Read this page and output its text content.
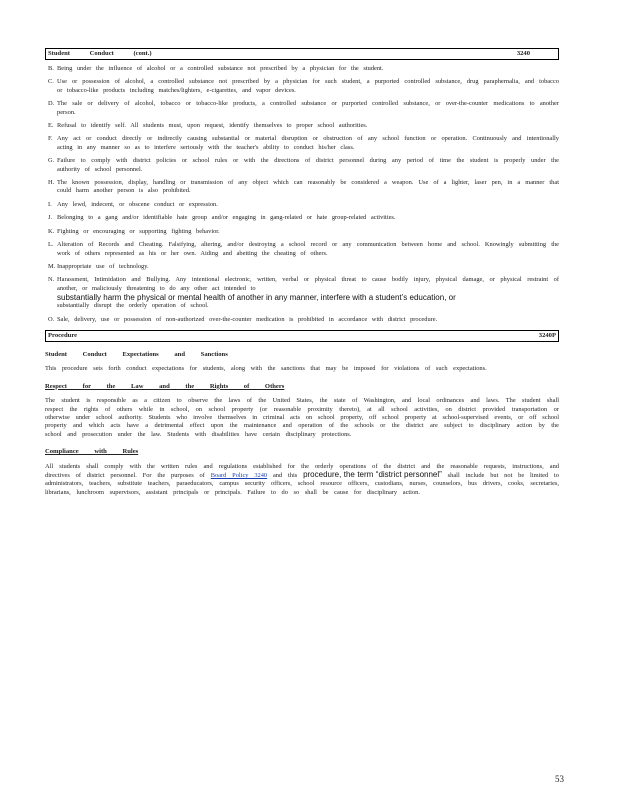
Student Conduct (cont.)	3240
B. Being under the influence of alcohol or a controlled substance not prescribed by a physician for the student.
C. Use or possession of alcohol, a controlled substance not prescribed by a physician for such student, a purported controlled substance, drug paraphernalia, and tobacco or tobacco-like products including matches/lighters, e-cigarettes, and vapor devices.
D. The sale or delivery of alcohol, tobacco or tobacco-like products, a controlled substance or purported controlled substance, or over-the-counter medications to another person.
E. Refusal to identify self. All students must, upon request, identify themselves to proper school authorities.
F. Any act or conduct directly or indirectly causing substantial or material disruption or obstruction of any school function or operation. Continuously and intentionally acting in any manner so as to interfere seriously with the teacher's ability to conduct his/her class.
G. Failure to comply with district policies or school rules or with the directions of district personnel during any period of time the student is properly under the authority of school personnel.
H. The known possession, display, handling or transmission of any object which can reasonably be considered a weapon. Use of a lighter, laser pen, in a manner that could harm another person is also prohibited.
I. Any lewd, indecent, or obscene conduct or expression.
J. Belonging to a gang and/or identifiable hate group and/or engaging in gang-related or hate group-related activities.
K. Fighting or encouraging or supporting fighting behavior.
L. Alteration of Records and Cheating. Falsifying, altering, and/or destroying a school record or any communication between home and school. Knowingly submitting the work of others represented as his or her own. Aiding and abetting the cheating of others.
M. Inappropriate use of technology.
N. Harassment, Intimidation and Bullying. Any intentional electronic, written, verbal or physical threat to cause bodily injury, physical damage, or physical restraint of another, or maliciously threatening to do any other act intended to
substantially harm the physical or mental health of another in any manner, interfere with a student’s education, or
substantially disrupt the orderly operation of school.
O. Sale, delivery, use or possession of non-authorized over-the-counter medication is prohibited in accordance with district procedure.
Procedure	3240P
Student Conduct Expectations and Sanctions
This procedure sets forth conduct expectations for students, along with the sanctions that may be imposed for violations of such expectations.
Respect for the Law and the Rights of Others
The student is responsible as a citizen to observe the laws of the United States, the state of Washington, and local ordinances and laws. The student shall respect the rights of others while in school, on school property (or reasonable proximity thereto), at all school activities, on district provided transportation or otherwise under school authority. Students who involve themselves in criminal acts on school property, off school property at school-supervised events, or off school property and which acts have a detrimental effect upon the maintenance and operation of the schools or the district are subject to disciplinary action by the school and prosecution under the law. Students with disabilities have certain disciplinary protections.
Compliance with Rules
All students shall comply with the written rules and regulations established for the orderly operations of the district and the reasonable requests, instructions, and directives of district personnel. For the purposes of Board Policy 3240 and this procedure, the term “district personnel” shall include but not be limited to administrators, teachers, substitute teachers, paraeducators, campus security officers, school resource officers, custodians, nurses, counselors, bus drivers, cooks, secretaries, librarians, lunchroom supervisors, assistant principals or principals. Failure to do so shall be cause for disciplinary action.
53
